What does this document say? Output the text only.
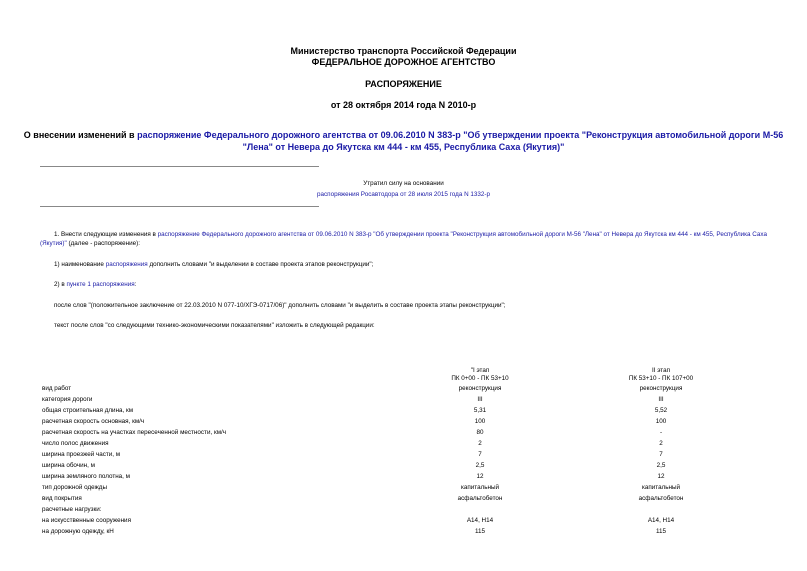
Министерство транспорта Российской Федерации
ФЕДЕРАЛЬНОЕ ДОРОЖНОЕ АГЕНТСТВО
РАСПОРЯЖЕНИЕ
от 28 октября 2014 года N 2010-р
О внесении изменений в распоряжение Федерального дорожного агентства от 09.06.2010 N 383-р "Об утверждении проекта "Реконструкция автомобильной дороги М-56 "Лена" от Невера до Якутска км 444 - км 455, Республика Саха (Якутия)"
Утратил силу на основании
распоряжения Росавтодора от 28 июля 2015 года N 1332-р
1. Внести следующие изменения в распоряжение Федерального дорожного агентства от 09.06.2010 N 383-р "Об утверждении проекта "Реконструкция автомобильной дороги М-56 "Лена" от Невера до Якутска км 444 - км 455, Республика Саха (Якутия)" (далее - распоряжение):
1) наименование распоряжения дополнить словами "и выделении в составе проекта этапов реконструкции";
2) в пункте 1 распоряжения:
после слов "(положительное заключение от 22.03.2010 N 077-10/ХГЭ-0717/06)" дополнить словами "и выделить в составе проекта этапы реконструкции";
текст после слов "со следующими технико-экономическими показателями" изложить в следующей редакции:
"I этап
ПК 0+00 - ПК 53+10
II этап
ПК 53+10 - ПК 107+00
вид работ	реконструкция	реконструкция
категория дороги	III	III
общая строительная длина, км	5,31	5,52
расчетная скорость основная, км/ч	100	100
расчетная скорость на участках пересеченной местности, км/ч	80	-
число полос движения	2	2
ширина проезжей части, м	7	7
ширина обочин, м	2,5	2,5
ширина земляного полотна, м	12	12
тип дорожной одежды	капитальный	капитальный
вид покрытия	асфальтобетон	асфальтобетон
расчетные нагрузки:
на искусственные сооружения	А14, Н14	А14, Н14
на дорожную одежду, кН	115	115
